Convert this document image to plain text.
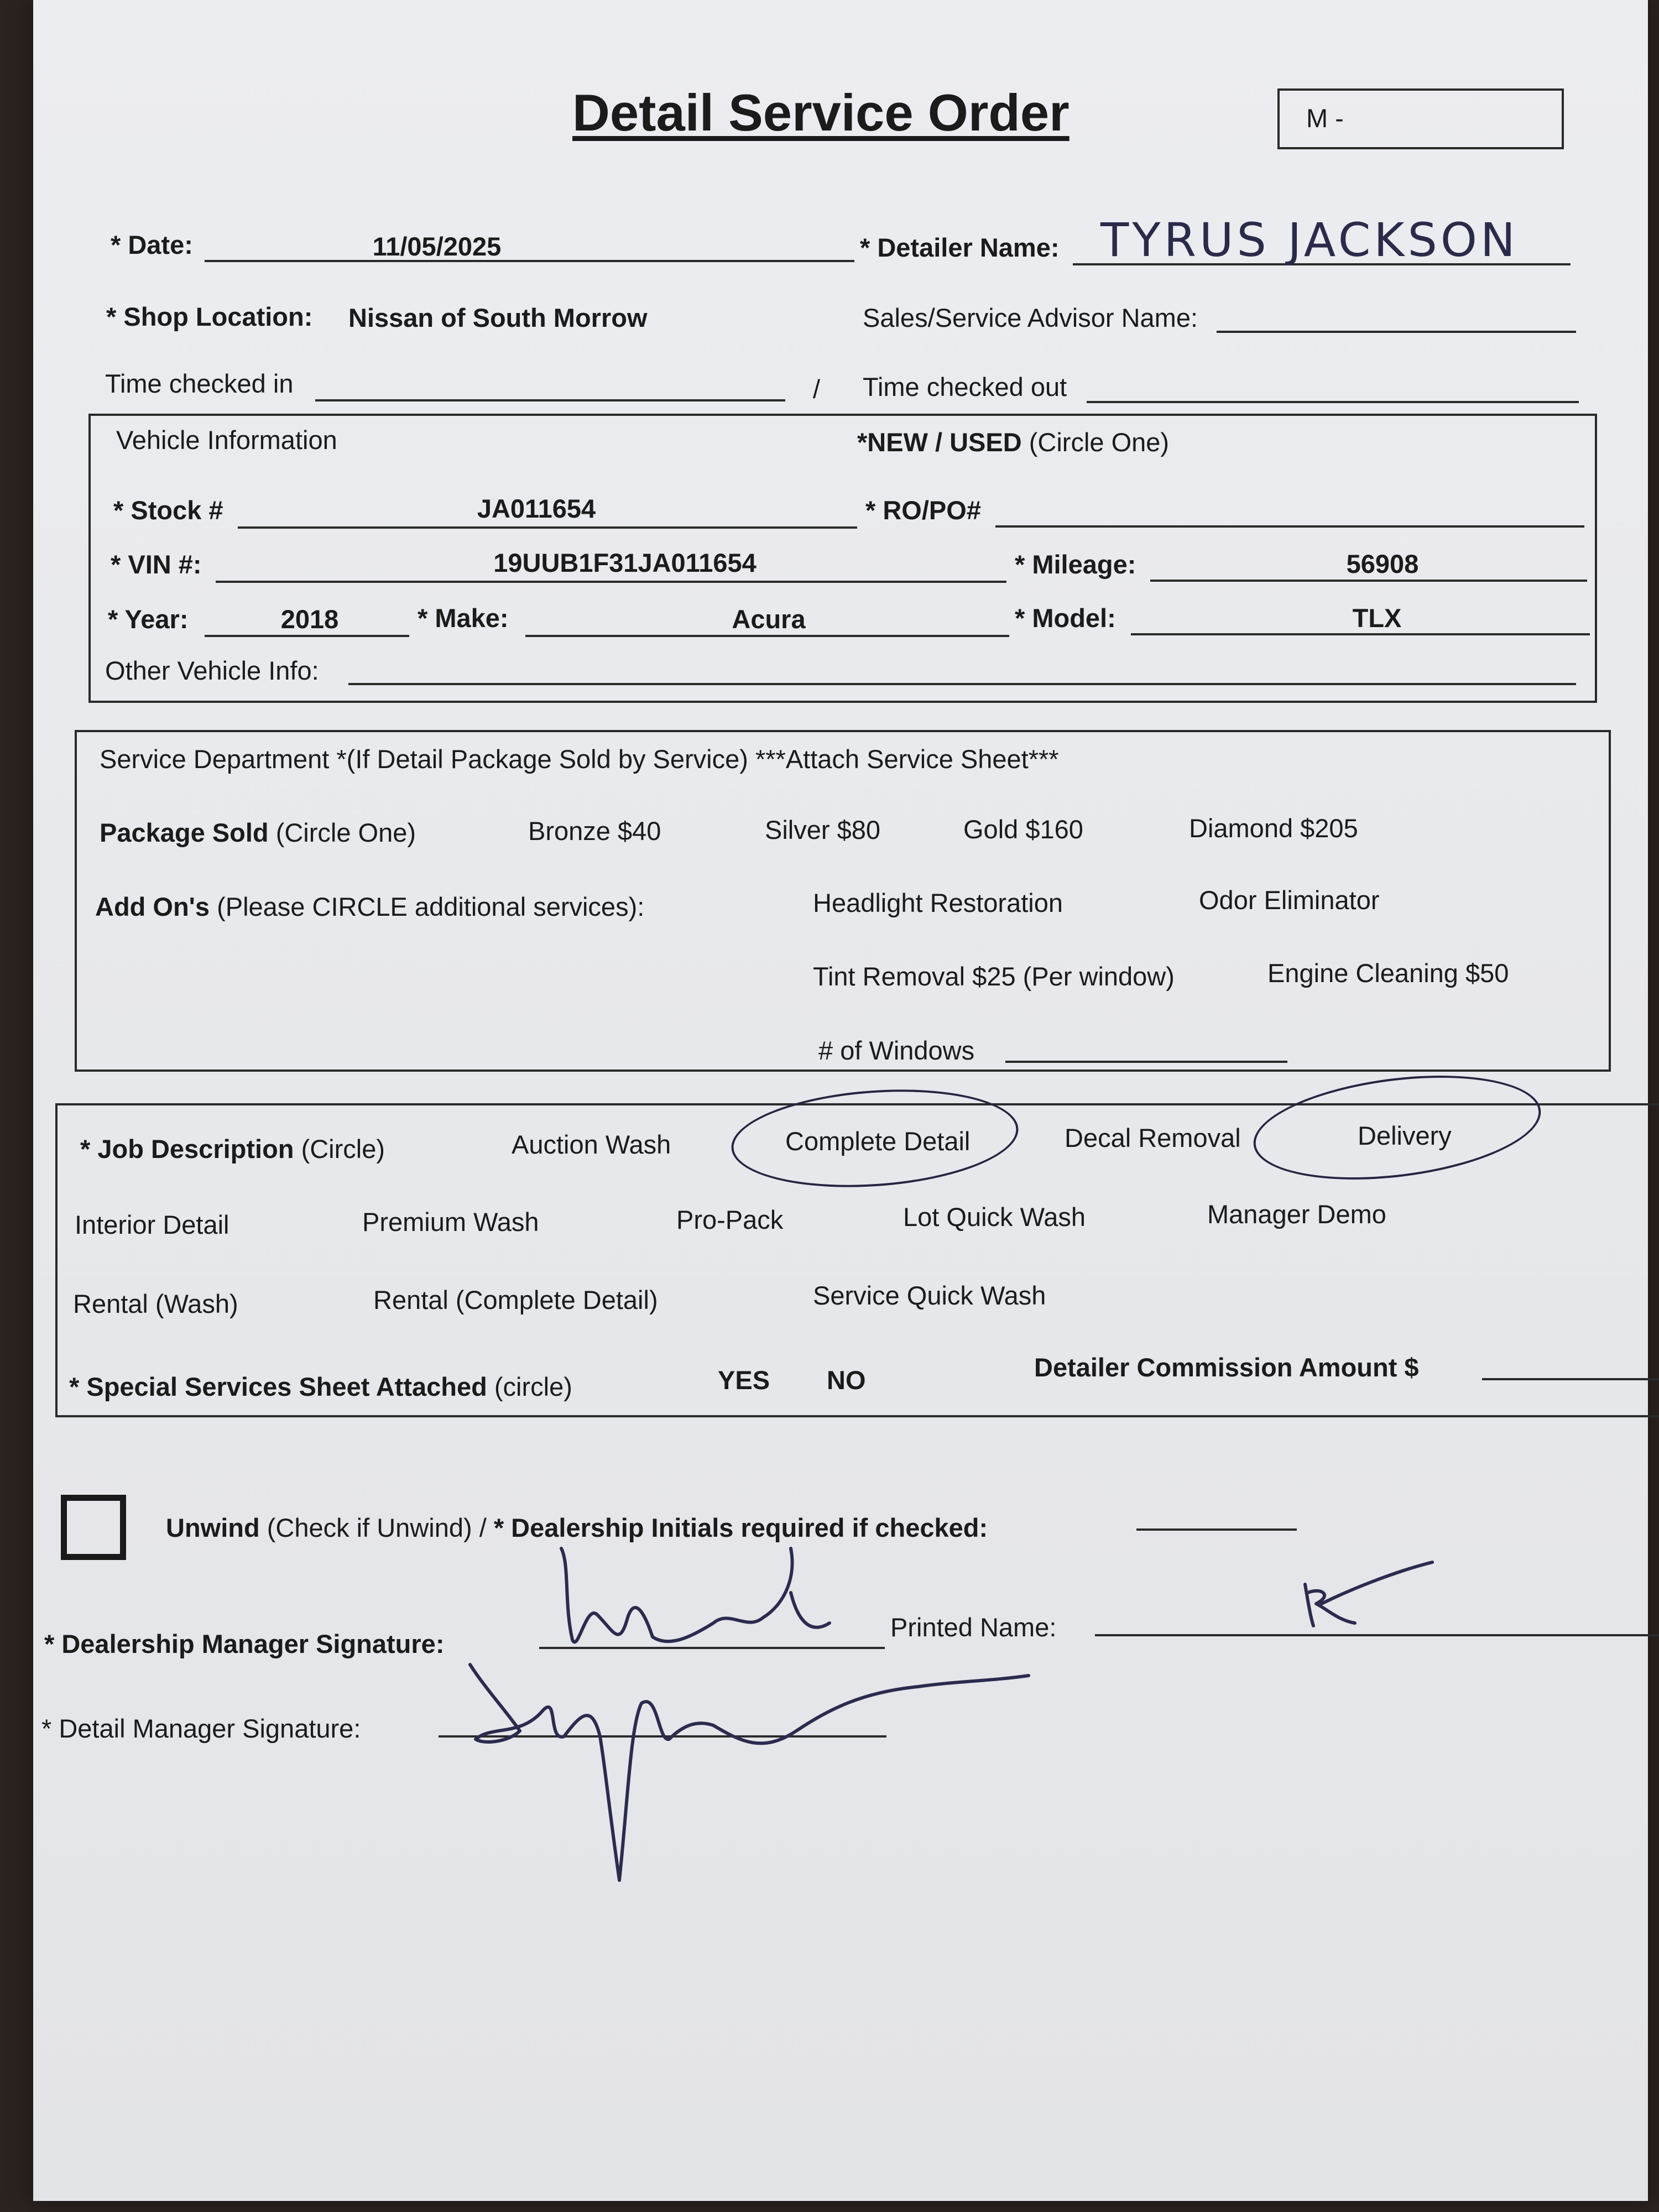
Detail Service Order	M -
* Date:	11/05/2025	* Detailer Name: TYRUS JACKSON
* Shop Location: Nissan of South Morrow	Sales/Service Advisor Name:
Time checked in	/ Time checked out
Vehicle Information	*NEW / USED (Circle One)
* Stock #	JA011654	* RO/PO#
* VIN #:	19UUB1F31JA011654	* Mileage:	56908
* Year:	2018	* Make:	Acura	* Model:	TLX
Other Vehicle Info:
Service Department *(If Detail Package Sold by Service) ***Attach Service Sheet***
Package Sold (Circle One)	Bronze $40	Silver $80	Gold $160	Diamond $205
Add On's (Please CIRCLE additional services):	Headlight Restoration	Odor Eliminator
Tint Removal $25 (Per window)	Engine Cleaning $50
# of Windows
* Job Description (Circle)	Auction Wash	Complete Detail	Decal Removal	Delivery
Interior Detail	Premium Wash	Pro-Pack	Lot Quick Wash	Manager Demo
Rental (Wash)	Rental (Complete Detail)	Service Quick Wash
* Special Services Sheet Attached (circle)	YES NO	Detailer Commission Amount $
Unwind (Check if Unwind) / * Dealership Initials required if checked:
* Dealership Manager Signature:
Printed Name:
* Detail Manager Signature:
